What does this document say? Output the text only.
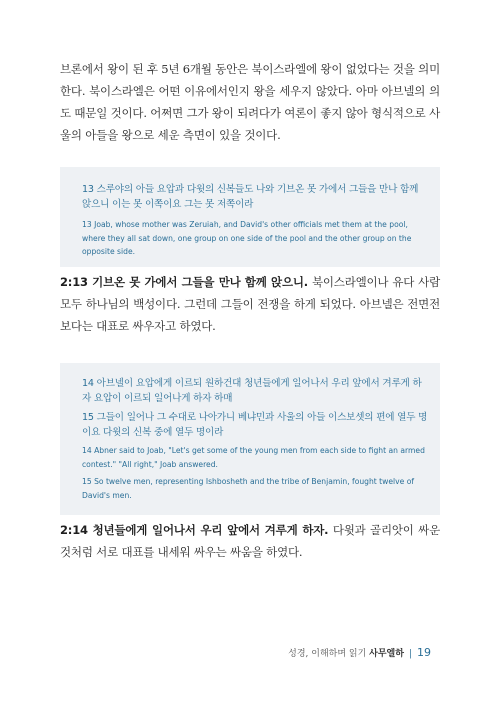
브론에서 왕이 된 후 5년 6개월 동안은 북이스라엘에 왕이 없었다는 것을 의미한다. 북이스라엘은 어떤 이유에서인지 왕을 세우지 않았다. 아마 아브넬의 의도 때문일 것이다. 어쩌면 그가 왕이 되려다가 여론이 좋지 않아 형식적으로 사울의 아들을 왕으로 세운 측면이 있을 것이다.

13 스루야의 아들 요압과 다윗의 신복들도 나와 기브온 못 가에서 그들을 만나 함께 앉으니 이는 못 이쪽이요 그는 못 저쪽이라

13 Joab, whose mother was Zeruiah, and David's other officials met them at the pool, where they all sat down, one group on one side of the pool and the other group on the opposite side.

2:13 기브온 못 가에서 그들을 만나 함께 앉으니. 북이스라엘이나 유다 사람 모두 하나님의 백성이다. 그런데 그들이 전쟁을 하게 되었다. 아브넬은 전면전보다는 대표로 싸우자고 하였다.

14 아브넬이 요압에게 이르되 원하건대 청년들에게 일어나서 우리 앞에서 겨루게 하자 요압이 이르되 일어나게 하자 하매

15 그들이 일어나 그 수대로 나아가니 베냐민과 사울의 아들 이스보셋의 편에 열두 명이요 다윗의 신복 중에 열두 명이라

14 Abner said to Joab, "Let's get some of the young men from each side to fight an armed contest." "All right," Joab answered.

15 So twelve men, representing Ishbosheth and the tribe of Benjamin, fought twelve of David's men.

2:14 청년들에게 일어나서 우리 앞에서 겨루게 하자. 다윗과 골리앗이 싸운 것처럼 서로 대표를 내세워 싸우는 싸움을 하였다.

성경, 이해하며 읽기 사무엘하 | 19
